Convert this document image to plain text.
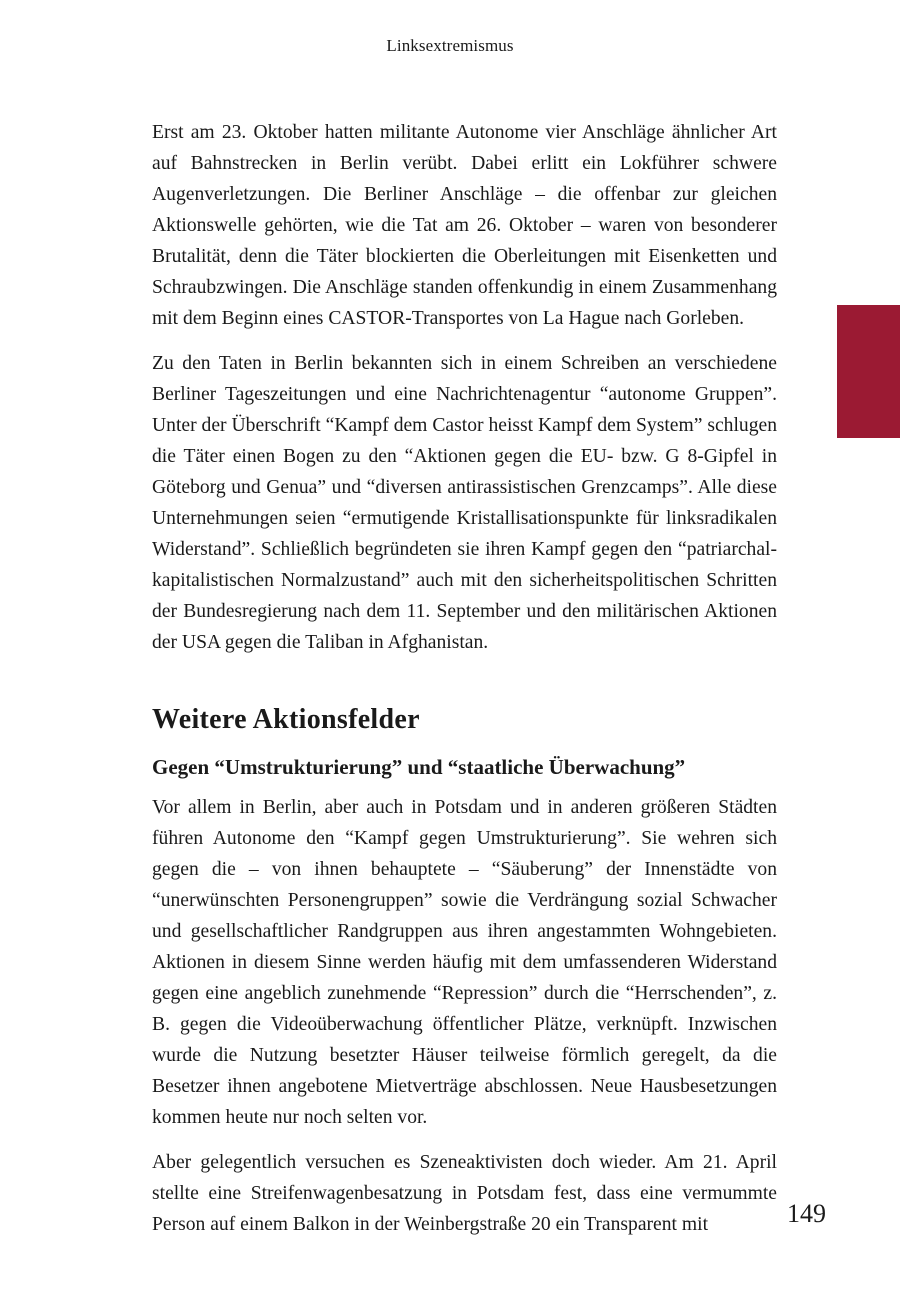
Linksextremismus

Erst am 23. Oktober hatten militante Autonome vier Anschläge ähnlicher Art auf Bahnstrecken in Berlin verübt. Dabei erlitt ein Lokführer schwere Augenverletzungen. Die Berliner Anschläge – die offenbar zur gleichen Aktionswelle gehörten, wie die Tat am 26. Oktober – waren von besonderer Brutalität, denn die Täter blockierten die Oberleitungen mit Eisenketten und Schraubzwingen. Die Anschläge standen offenkundig in einem Zusammenhang mit dem Beginn eines CASTOR-Transportes von La Hague nach Gorleben.

Zu den Taten in Berlin bekannten sich in einem Schreiben an verschiedene Berliner Tageszeitungen und eine Nachrichtenagentur “autonome Gruppen”. Unter der Überschrift “Kampf dem Castor heisst Kampf dem System” schlugen die Täter einen Bogen zu den “Aktionen gegen die EU- bzw. G 8-Gipfel in Göteborg und Genua” und “diversen antirassistischen Grenzcamps”. Alle diese Unternehmungen seien “ermutigende Kristallisationspunkte für linksradikalen Widerstand”. Schließlich begründeten sie ihren Kampf gegen den “patriarchal-kapitalistischen Normalzustand” auch mit den sicherheitspolitischen Schritten der Bundesregierung nach dem 11. September und den militärischen Aktionen der USA gegen die Taliban in Afghanistan.

Weitere Aktionsfelder
Gegen “Umstrukturierung” und “staatliche Überwachung”

Vor allem in Berlin, aber auch in Potsdam und in anderen größeren Städten führen Autonome den “Kampf gegen Umstrukturierung”. Sie wehren sich gegen die – von ihnen behauptete – “Säuberung” der Innenstädte von “unerwünschten Personengruppen” sowie die Verdrängung sozial Schwacher und gesellschaftlicher Randgruppen aus ihren angestammten Wohngebieten. Aktionen in diesem Sinne werden häufig mit dem umfassenderen Widerstand gegen eine angeblich zunehmende “Repression” durch die “Herrschenden”, z. B. gegen die Videoüberwachung öffentlicher Plätze, verknüpft. Inzwischen wurde die Nutzung besetzter Häuser teilweise förmlich geregelt, da die Besetzer ihnen angebotene Mietverträge abschlossen. Neue Hausbesetzungen kommen heute nur noch selten vor.

Aber gelegentlich versuchen es Szeneaktivisten doch wieder. Am 21. April stellte eine Streifenwagenbesatzung in Potsdam fest, dass eine vermummte Person auf einem Balkon in der Weinbergstraße 20 ein Transparent mit	149
